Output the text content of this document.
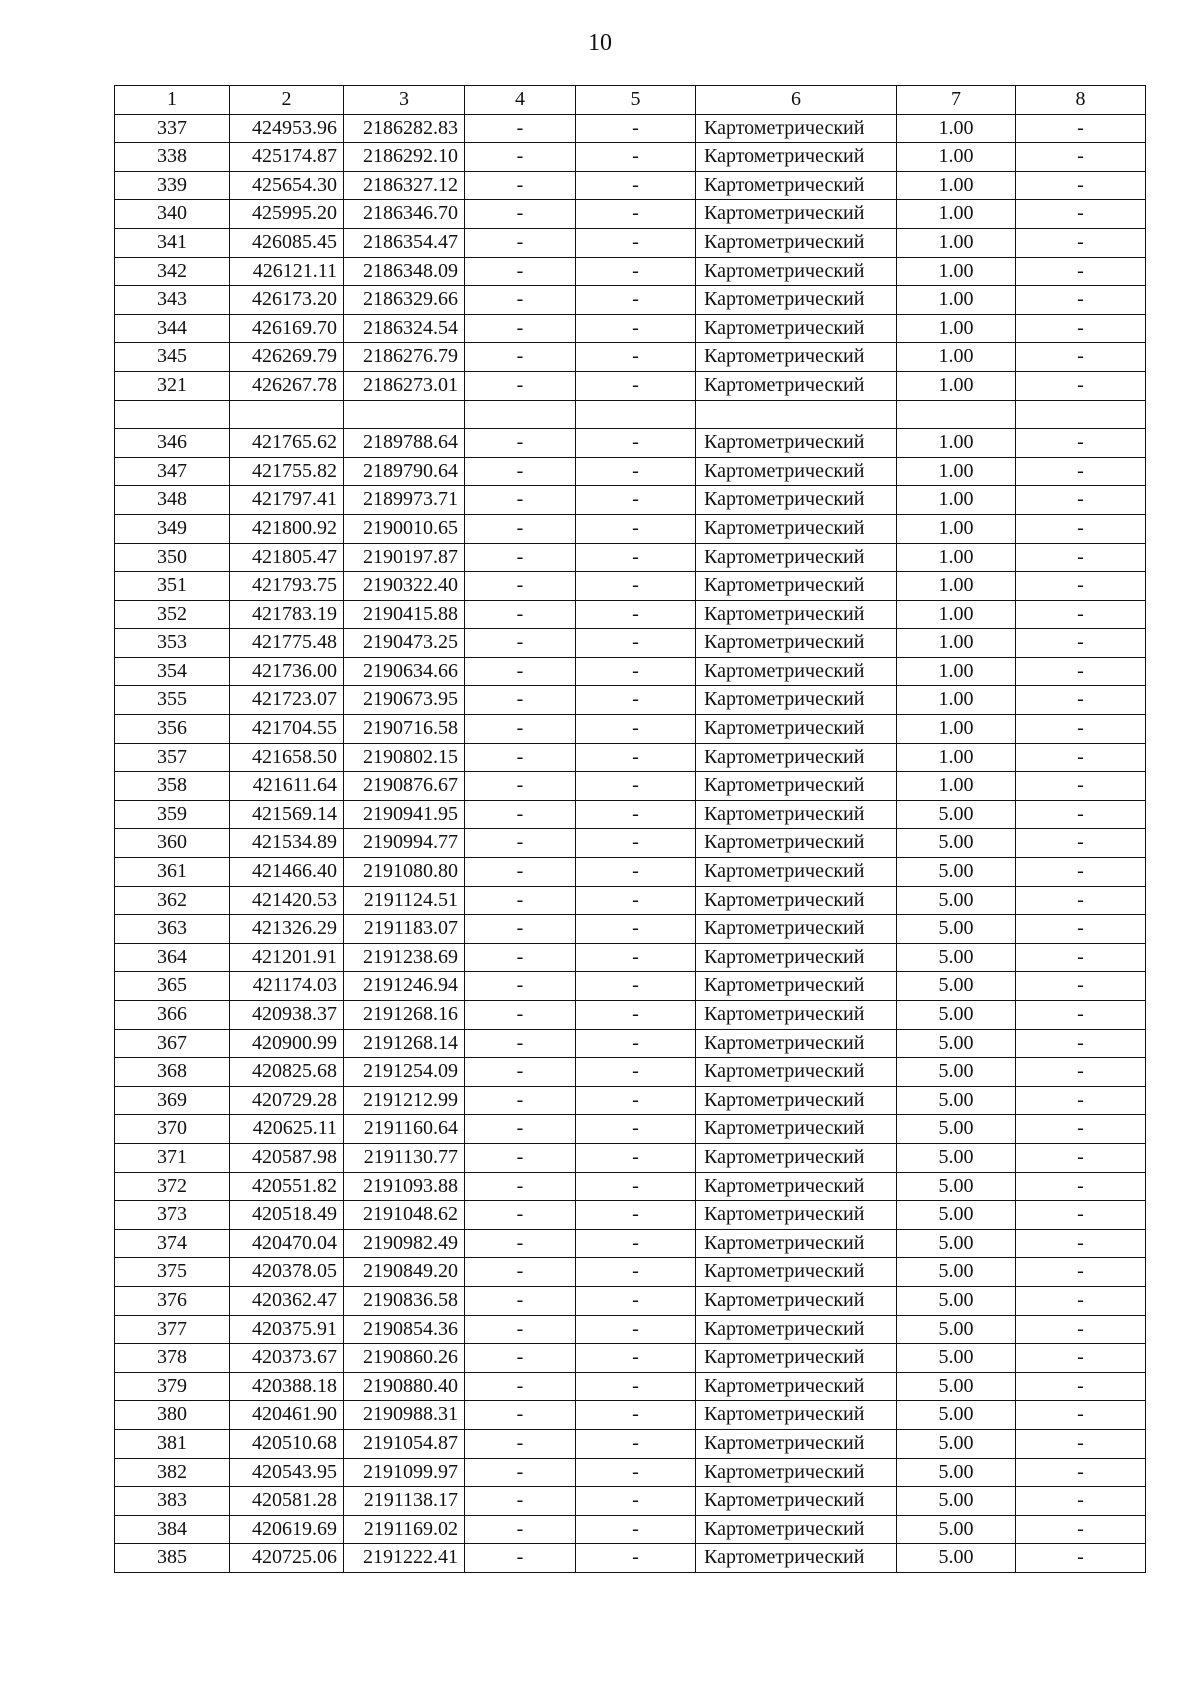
10
1	2	3	4	5	6	7	8
337	424953.96	2186282.83	-	-	Картометрический	1.00	-
338	425174.87	2186292.10	-	-	Картометрический	1.00	-
339	425654.30	2186327.12	-	-	Картометрический	1.00	-
340	425995.20	2186346.70	-	-	Картометрический	1.00	-
341	426085.45	2186354.47	-	-	Картометрический	1.00	-
342	426121.11	2186348.09	-	-	Картометрический	1.00	-
343	426173.20	2186329.66	-	-	Картометрический	1.00	-
344	426169.70	2186324.54	-	-	Картометрический	1.00	-
345	426269.79	2186276.79	-	-	Картометрический	1.00	-
321	426267.78	2186273.01	-	-	Картометрический	1.00	-

346	421765.62	2189788.64	-	-	Картометрический	1.00	-
347	421755.82	2189790.64	-	-	Картометрический	1.00	-
348	421797.41	2189973.71	-	-	Картометрический	1.00	-
349	421800.92	2190010.65	-	-	Картометрический	1.00	-
350	421805.47	2190197.87	-	-	Картометрический	1.00	-
351	421793.75	2190322.40	-	-	Картометрический	1.00	-
352	421783.19	2190415.88	-	-	Картометрический	1.00	-
353	421775.48	2190473.25	-	-	Картометрический	1.00	-
354	421736.00	2190634.66	-	-	Картометрический	1.00	-
355	421723.07	2190673.95	-	-	Картометрический	1.00	-
356	421704.55	2190716.58	-	-	Картометрический	1.00	-
357	421658.50	2190802.15	-	-	Картометрический	1.00	-
358	421611.64	2190876.67	-	-	Картометрический	1.00	-
359	421569.14	2190941.95	-	-	Картометрический	5.00	-
360	421534.89	2190994.77	-	-	Картометрический	5.00	-
361	421466.40	2191080.80	-	-	Картометрический	5.00	-
362	421420.53	2191124.51	-	-	Картометрический	5.00	-
363	421326.29	2191183.07	-	-	Картометрический	5.00	-
364	421201.91	2191238.69	-	-	Картометрический	5.00	-
365	421174.03	2191246.94	-	-	Картометрический	5.00	-
366	420938.37	2191268.16	-	-	Картометрический	5.00	-
367	420900.99	2191268.14	-	-	Картометрический	5.00	-
368	420825.68	2191254.09	-	-	Картометрический	5.00	-
369	420729.28	2191212.99	-	-	Картометрический	5.00	-
370	420625.11	2191160.64	-	-	Картометрический	5.00	-
371	420587.98	2191130.77	-	-	Картометрический	5.00	-
372	420551.82	2191093.88	-	-	Картометрический	5.00	-
373	420518.49	2191048.62	-	-	Картометрический	5.00	-
374	420470.04	2190982.49	-	-	Картометрический	5.00	-
375	420378.05	2190849.20	-	-	Картометрический	5.00	-
376	420362.47	2190836.58	-	-	Картометрический	5.00	-
377	420375.91	2190854.36	-	-	Картометрический	5.00	-
378	420373.67	2190860.26	-	-	Картометрический	5.00	-
379	420388.18	2190880.40	-	-	Картометрический	5.00	-
380	420461.90	2190988.31	-	-	Картометрический	5.00	-
381	420510.68	2191054.87	-	-	Картометрический	5.00	-
382	420543.95	2191099.97	-	-	Картометрический	5.00	-
383	420581.28	2191138.17	-	-	Картометрический	5.00	-
384	420619.69	2191169.02	-	-	Картометрический	5.00	-
385	420725.06	2191222.41	-	-	Картометрический	5.00	-
